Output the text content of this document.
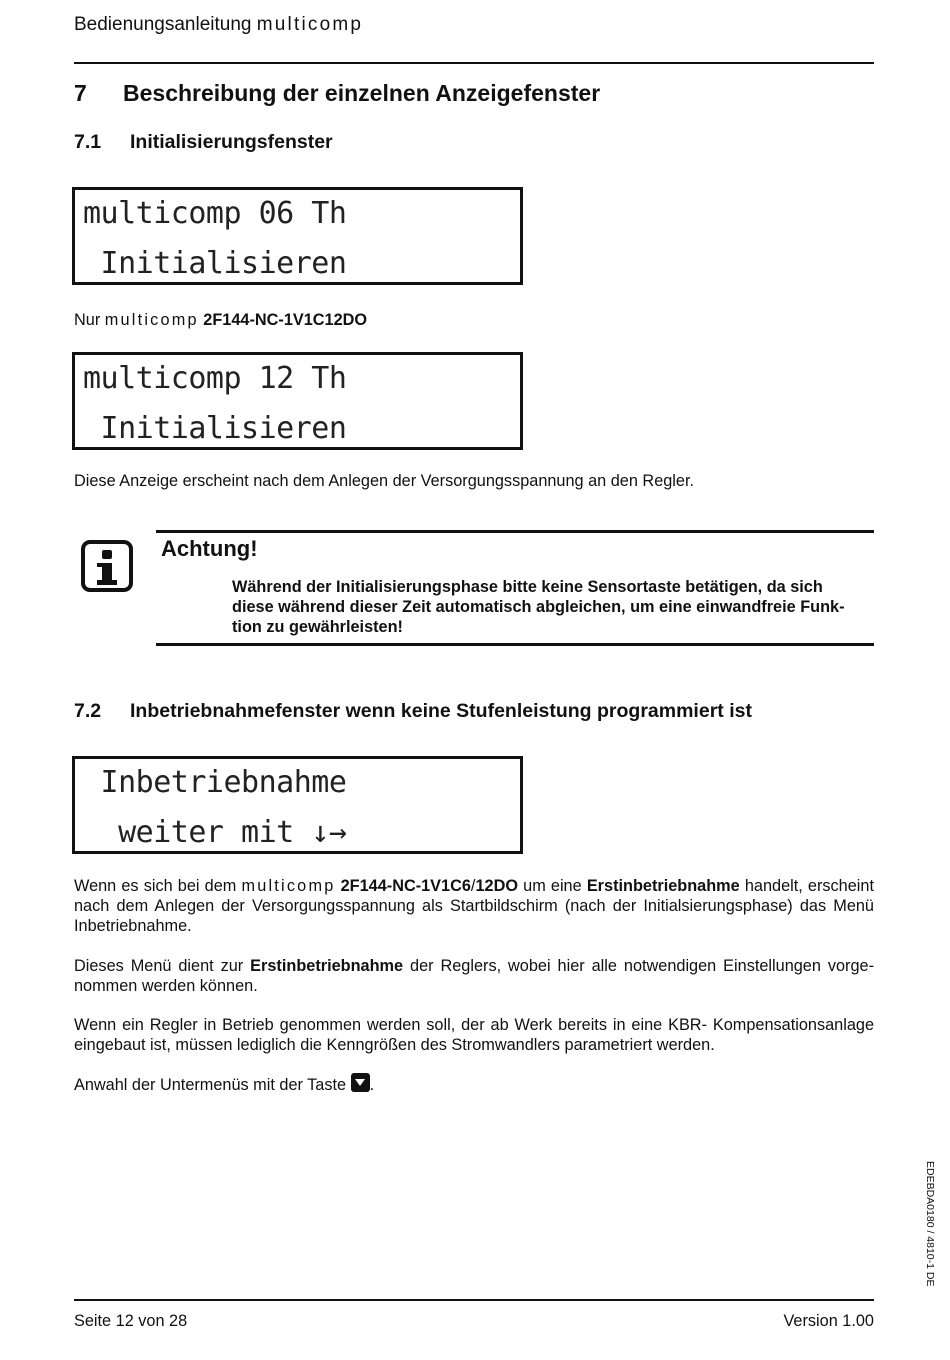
Bedienungsanleitung multicomp
7 Beschreibung der einzelnen Anzeigefenster
7.1 Initialisierungsfenster
multicomp 06 Th
Initialisieren
Nur multicomp 2F144-NC-1V1C12DO
multicomp 12 Th
Initialisieren
Diese Anzeige erscheint nach dem Anlegen der Versorgungsspannung an den Regler.
Achtung!
Während der Initialisierungsphase bitte keine Sensortaste betätigen, da sich diese während dieser Zeit automatisch abgleichen, um eine einwandfreie Funk-tion zu gewährleisten!
7.2 Inbetriebnahmefenster wenn keine Stufenleistung programmiert ist
Inbetriebnahme
weiter mit ↓→
Wenn es sich bei dem multicomp 2F144-NC-1V1C6/12DO um eine Erstinbetriebnahme handelt, erscheint nach dem Anlegen der Versorgungsspannung als Startbildschirm (nach der Initialsierungsphase) das Menü Inbetriebnahme.
Dieses Menü dient zur Erstinbetriebnahme der Reglers, wobei hier alle notwendigen Einstellungen vorge-nommen werden können.
Wenn ein Regler in Betrieb genommen werden soll, der ab Werk bereits in eine KBR- Kompensationsanlage eingebaut ist, müssen lediglich die Kenngrößen des Stromwandlers parametriert werden.
Anwahl der Untermenüs mit der Taste .
EDEBDA0180 / 4810-1 DE
Seite 12 von 28	Version 1.00
